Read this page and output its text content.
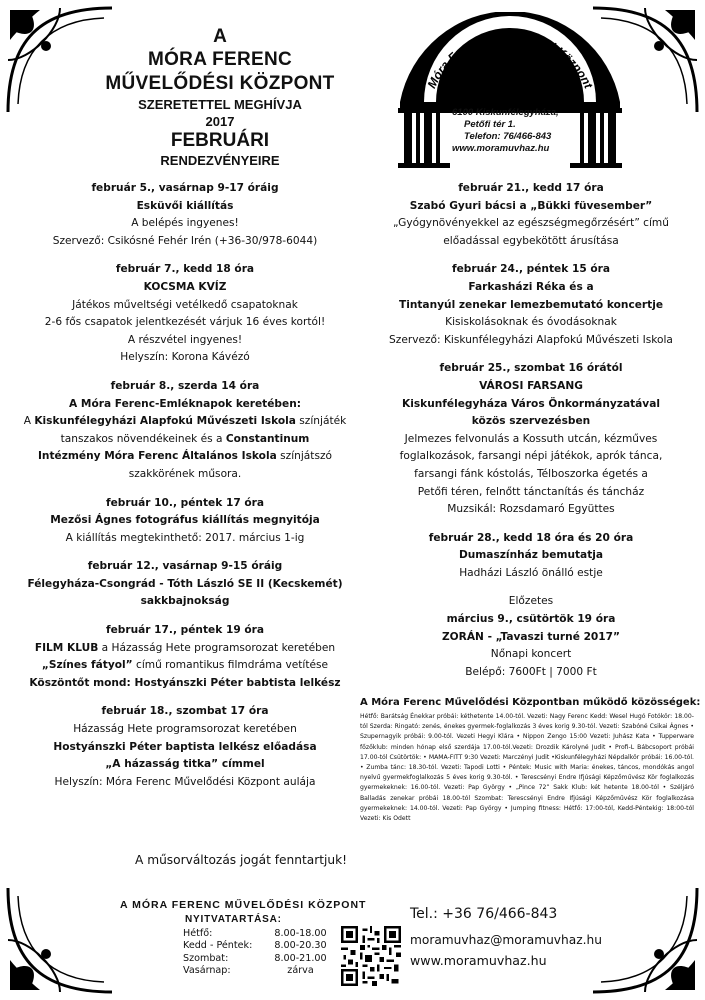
A
MÓRA FERENC
MŰVELŐDÉSI KÖZPONT
SZERETETTEL MEGHÍVJA
2017
FEBRUÁRI
RENDEZVÉNYEIRE
Móra Ferenc Művelődési Központ
6100 Kiskunfélegyháza,
Petőfi tér 1.
Telefon: 76/466-843
www.moramuvhaz.hu
február 5., vasárnap 9-17 óráig
Esküvői kiállítás
A belépés ingyenes!
Szervező: Csikósné Fehér Irén (+36-30/978-6044)
február 7., kedd 18 óra
KOCSMA KVÍZ
Játékos műveltségi vetélkedő csapatoknak
2-6 fős csapatok jelentkezését várjuk 16 éves kortól!
A részvétel ingyenes!
Helyszín: Korona Kávézó
február 8., szerda 14 óra
A Móra Ferenc-Emléknapok keretében:
A Kiskunfélegyházi Alapfokú Művészeti Iskola színjáték
tanszakos növendékeinek és a Constantinum
Intézmény Móra Ferenc Általános Iskola színjátszó
szakkörének műsora.
február 10., péntek 17 óra
Mezősi Ágnes fotográfus kiállítás megnyitója
A kiállítás megtekinthető: 2017. március 1-ig
február 12., vasárnap 9-15 óráig
Félegyháza-Csongrád - Tóth László SE II (Kecskemét)
sakkbajnokság
február 17., péntek 19 óra
FILM KLUB a Házasság Hete programsorozat keretében
„Színes fátyol” című romantikus filmdráma vetítése
Köszöntőt mond: Hostyánszki Péter babtista lelkész
február 18., szombat 17 óra
Házasság Hete programsorozat keretében
Hostyánszki Péter baptista lelkész előadása
„A házasság titka” címmel
Helyszín: Móra Ferenc Művelődési Központ aulája
február 21., kedd 17 óra
Szabó Gyuri bácsi a „Bükki füvesember”
„Gyógynövényekkel az egészségmegőrzésért” című
előadással egybekötött árusítása
február 24., péntek 15 óra
Farkasházi Réka és a
Tintanyúl zenekar lemezbemutató koncertje
Kisiskolásoknak és óvodásoknak
Szervező: Kiskunfélegyházi Alapfokú Művészeti Iskola
február 25., szombat 16 órától
VÁROSI FARSANG
Kiskunfélegyháza Város Önkormányzatával
közös szervezésben
Jelmezes felvonulás a Kossuth utcán, kézműves
foglalkozások, farsangi népi játékok, aprók tánca,
farsangi fánk kóstolás, Télboszorka égetés a
Petőfi téren, felnőtt tánctanítás és táncház
Muzsikál: Rozsdamaró Együttes
február 28., kedd 18 óra és 20 óra
Dumaszínház bemutatja
Hadházi László önálló estje
Előzetes
március 9., csütörtök 19 óra
ZORÁN - „Tavaszi turné 2017”
Nőnapi koncert
Belépő: 7600Ft | 7000 Ft
A Móra Ferenc Művelődési Központban működő közösségek:
Hétfő: Barátság Énekkar próbái: kéthetente 14.00-tól. Vezeti: Nagy Ferenc Kedd: Wesel Hugó Fotókör: 18.00-tól Szerda: Ringató: zenés, énekes gyermek-foglalkozás 3 éves korig 9.30-tól. Vezeti: Szabóné Csikai Ágnes • Szupernagyik próbái: 9.00-tól. Vezeti Hegyi Klára • Nippon Zengo 15:00 Vezeti: Juhász Kata • Tupperware főzőklub: minden hónap első szerdája 17.00-tól.Vezeti: Drozdik Károlyné Judit • Profi-L Bábcsoport próbái 17.00-tól Csütörtök: • MAMA-FITT 9:30 Vezeti: Marczényi Judit •Kiskunfélegyházi Népdalkör próbái: 16.00-tól. • Zumba tánc: 18.30-tól. Vezeti: Tapodi Lotti • Péntek: Music with Maria: énekes, táncos, mondókás angol nyelvű gyermekfoglalkozás 5 éves korig 9.30-tól. • Terescsényi Endre Ifjúsági Képzőművész Kör foglalkozás gyermekeknek: 16.00-tól. Vezeti: Pap György • „Pince 72” Sakk Klub: két hetente 18.00-tól • Széljáró Balladás zenekar próbái 18.00-tól Szombat: Terescsényi Endre Ifjúsági Képzőművész Kör foglalkozása gyermekeknek: 14.00-tól. Vezeti: Pap György • Jumping fitness: Hétfő: 17:00-tól, Kedd-Péntekig: 18:00-tól Vezeti: Kis Odett
A műsorváltozás jogát fenntartjuk!
A MÓRA FERENC MŰVELŐDÉSI KÖZPONT
NYITVATARTÁSA:
Hétfő:	8.00-18.00
Kedd - Péntek:	8.00-20.30
Szombat:	8.00-21.00
Vasárnap:	zárva
Tel.: +36 76/466-843
moramuvhaz@moramuvhaz.hu
www.moramuvhaz.hu
